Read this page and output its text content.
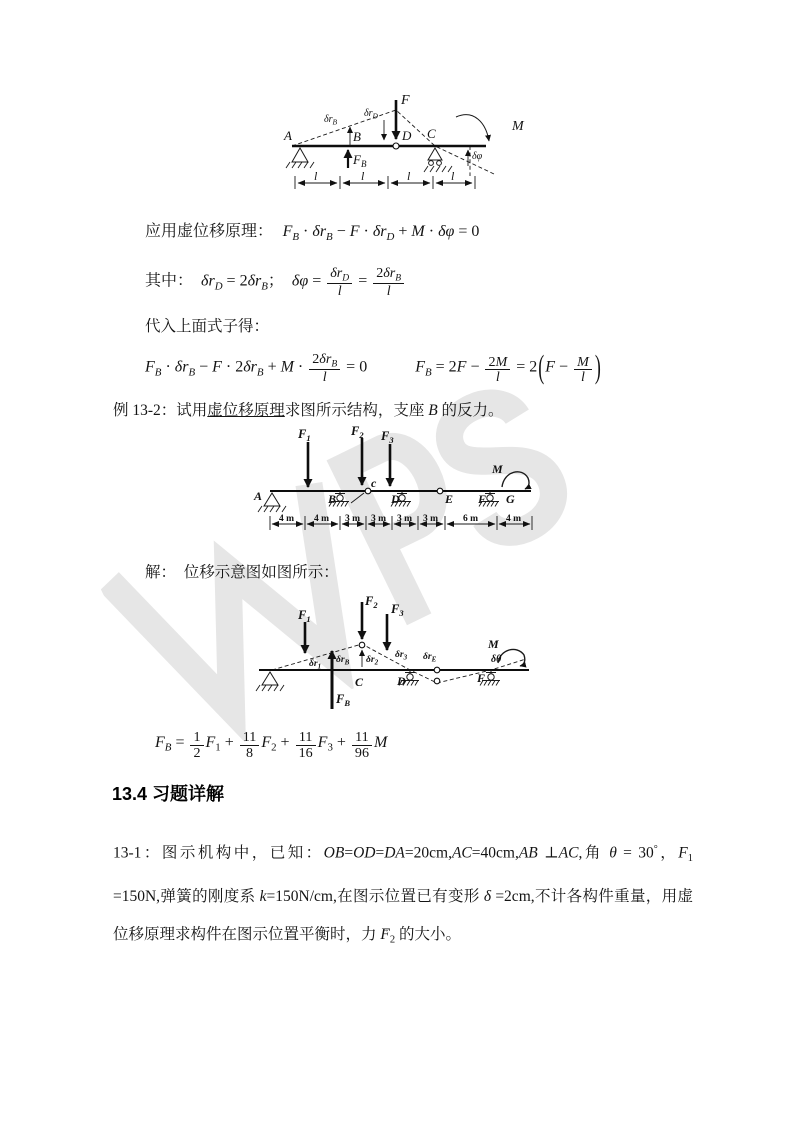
A	B	D C	M
F
$F_B$
$\delta r_B$
$\delta r_D$
δφ
l	l	l	l
应用虚位移原理： $F_B \cdot \delta r_B - F \cdot \delta r_D + M \cdot \delta\varphi = 0$
其中： $\delta r_D = 2\delta r_B$； $\delta\varphi = \frac{\delta r_D}{l} = \frac{2\delta r_B}{l}$
代入上面式子得：
$F_B \cdot \delta r_B - F \cdot 2\delta r_B + M \cdot \frac{2\delta r_B}{l} = 0$	$F_B = 2F - \frac{2M}{l} = 2(F - \frac{M}{l}$ )
例 13-2：试用虚位移原理求图所示结构，支座 B 的反力。
A	B
c
D	E F G
M
$F_1$	$F_2$ $F_3$
4 m 4 m 3 m 3 m 3 m 3 m	6 m	4 m
解： 位移示意图如图所示：
$F_1$
$F_2$ $F_3$
$F_B$
$\delta r_1$
$\delta r_B$ $\delta r_2$
$\delta r_3$ $\delta r_E$	δθ
C	D	F
M
$F_B = \frac{1}{2} F_1 + \frac{11}{8} F_2 + \frac{11}{16} F_3 + \frac{11}{96}$ M
13.4 习题详解
13-1：图示机构中，已知：OB=OD=DA=20cm,AC=40cm,AB ⊥AC,角 θ = 30°，$F_1 =150N$,弹簧的刚度系 k=150N/cm,在图示位置已有变形 δ =2cm,不计各构件重量，用虚位移原理求构件在图示位置平衡时，力 → $F_2$ 的大小。
